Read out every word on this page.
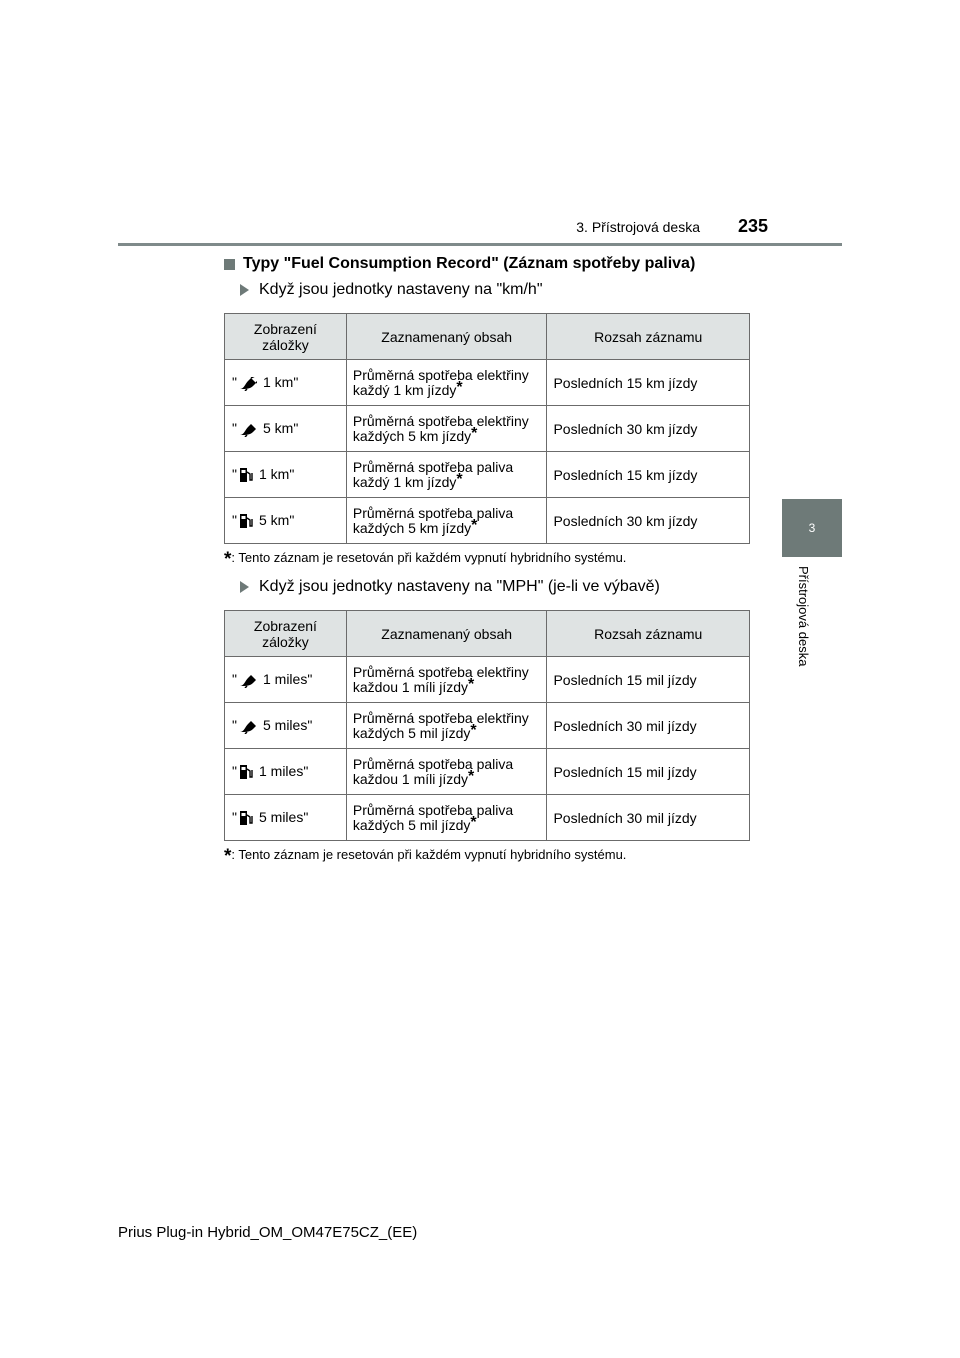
3. Přístrojová deska 235
3
Přístrojová deska
Typy "Fuel Consumption Record" (Záznam spotřeby paliva)
Když jsou jednotky nastaveny na "km/h"
Zobrazení záložky	Zaznamenaný obsah	Rozsah záznamu
" 1 km"	Průměrná spotřeba elektřiny každý 1 km jízdy*	Posledních 15 km jízdy
" 5 km"	Průměrná spotřeba elektřiny každých 5 km jízdy*	Posledních 30 km jízdy
" 1 km"	Průměrná spotřeba paliva každý 1 km jízdy*	Posledních 15 km jízdy
" 5 km"	Průměrná spotřeba paliva každých 5 km jízdy*	Posledních 30 km jízdy
*: Tento záznam je resetován při každém vypnutí hybridního systému.
Když jsou jednotky nastaveny na "MPH" (je-li ve výbavě)
Zobrazení záložky	Zaznamenaný obsah	Rozsah záznamu
" 1 miles"	Průměrná spotřeba elektřiny každou 1 míli jízdy*	Posledních 15 mil jízdy
" 5 miles"	Průměrná spotřeba elektřiny každých 5 mil jízdy*	Posledních 30 mil jízdy
" 1 miles"	Průměrná spotřeba paliva každou 1 míli jízdy*	Posledních 15 mil jízdy
" 5 miles"	Průměrná spotřeba paliva každých 5 mil jízdy*	Posledních 30 mil jízdy
*: Tento záznam je resetován při každém vypnutí hybridního systému.
Prius Plug-in Hybrid_OM_OM47E75CZ_(EE)
